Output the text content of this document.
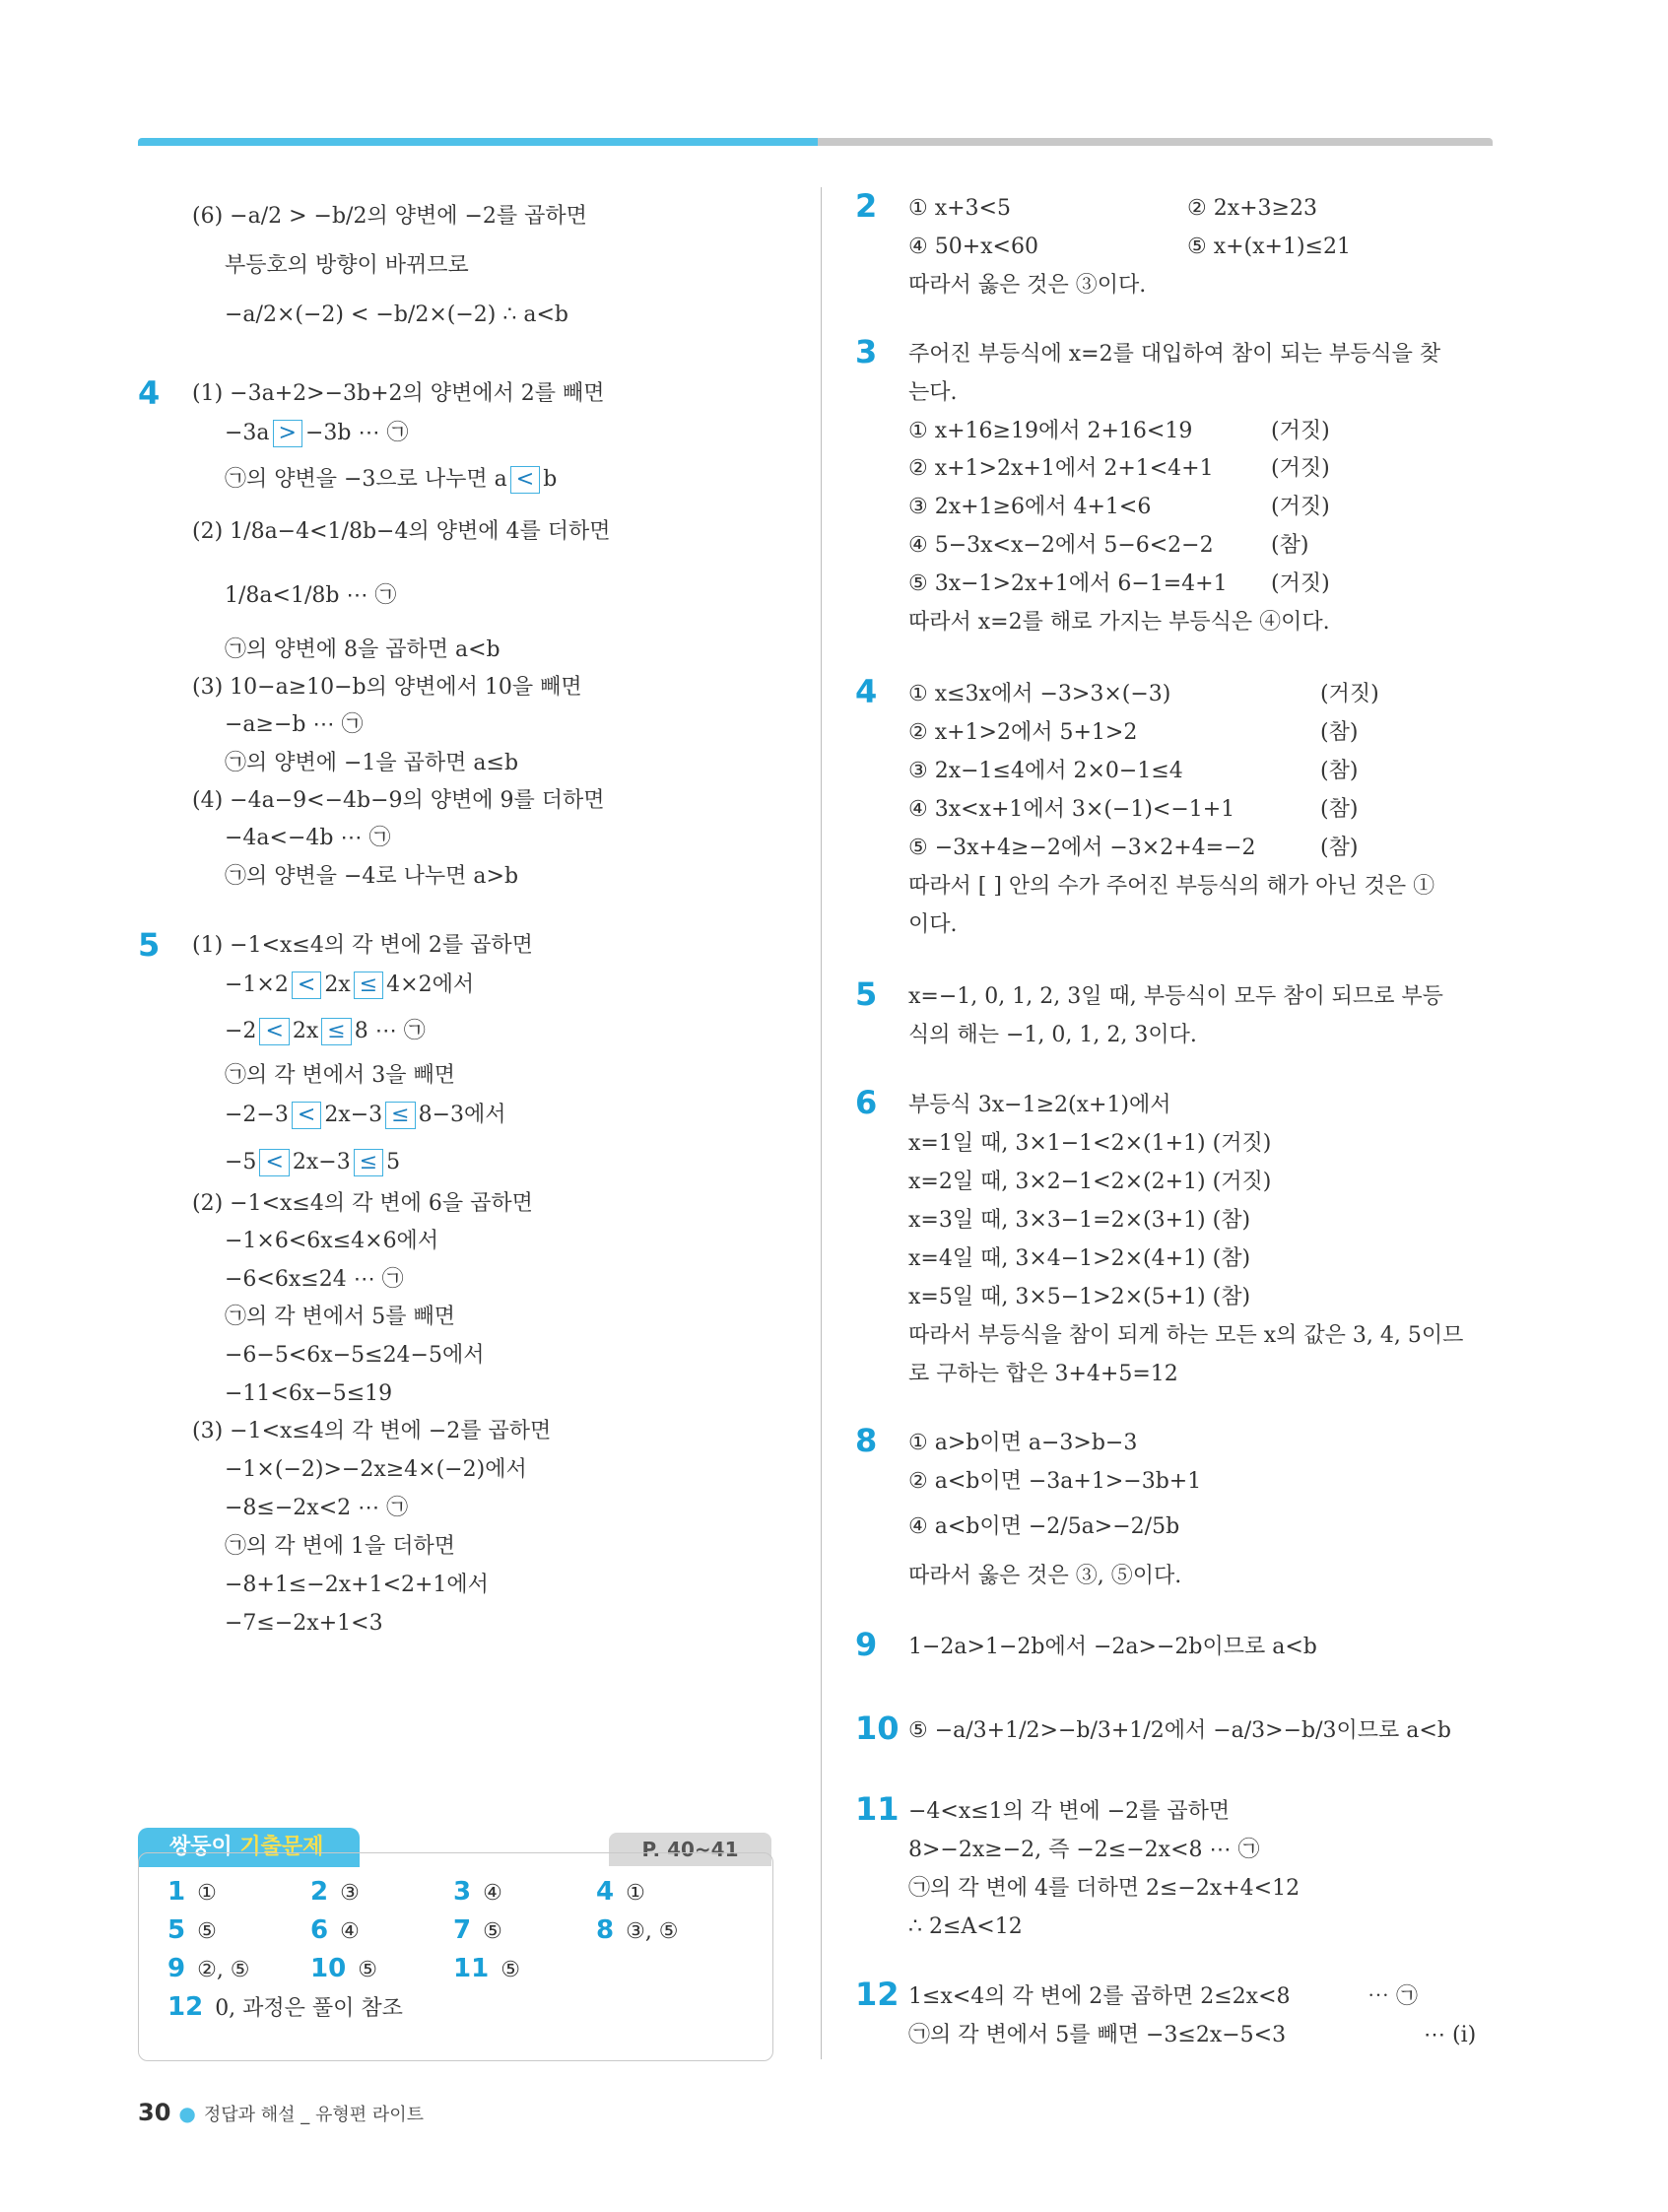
(6) −a/2 > −b/2의 양변에 −2를 곱하면
부등호의 방향이 바뀌므로
−a/2×(−2) < −b/2×(−2) ∴ a<b
4 (1) −3a+2>−3b+2의 양변에서 2를 빼면
−3a > −3b ⋯ ㉠
㉠의 양변을 −3으로 나누면 a < b
(2) 1/8a−4<1/8b−4의 양변에 4를 더하면
1/8a<1/8b ⋯ ㉠
㉠의 양변에 8을 곱하면 a<b
(3) 10−a≥10−b의 양변에서 10을 빼면
−a≥−b ⋯ ㉠
㉠의 양변에 −1을 곱하면 a≤b
(4) −4a−9<−4b−9의 양변에 9를 더하면
−4a<−4b ⋯ ㉠
㉠의 양변을 −4로 나누면 a>b
5 (1) −1<x≤4의 각 변에 2를 곱하면
−1×2 < 2x ≤ 4×2에서
−2 < 2x ≤ 8 ⋯ ㉠
㉠의 각 변에서 3을 빼면
−2−3 < 2x−3 ≤ 8−3에서
−5 < 2x−3 ≤ 5
(2) −1<x≤4의 각 변에 6을 곱하면
−1×6<6x≤4×6에서
−6<6x≤24 ⋯ ㉠
㉠의 각 변에서 5를 빼면
−6−5<6x−5≤24−5에서
−11<6x−5≤19
(3) −1<x≤4의 각 변에 −2를 곱하면
−1×(−2)>−2x≥4×(−2)에서
−8≤−2x<2 ⋯ ㉠
㉠의 각 변에 1을 더하면
−8+1≤−2x+1<2+1에서
−7≤−2x+1<3
쌍둥이 기출문제	P. 40~41
1 ①	2 ③	3 ④	4 ①
5 ⑤	6 ④	7 ⑤	8 ③, ⑤
9 ②, ⑤ 10 ⑤	11 ⑤
12 0, 과정은 풀이 참조
2 ① x+3<5	② 2x+3≥23
④ 50+x<60	⑤ x+(x+1)≤21
따라서 옳은 것은 ③이다.
3 주어진 부등식에 x=2를 대입하여 참이 되는 부등식을 찾
는다.
① x+16≥19에서 2+16<19	(거짓)
② x+1>2x+1에서 2+1<4+1	(거짓)
③ 2x+1≥6에서 4+1<6	(거짓)
④ 5−3x<x−2에서 5−6<2−2	(참)
⑤ 3x−1>2x+1에서 6−1=4+1 (거짓)
따라서 x=2를 해로 가지는 부등식은 ④이다.
4 ① x≤3x에서 −3>3×(−3)	(거짓)
② x+1>2에서 5+1>2	(참)
③ 2x−1≤4에서 2×0−1≤4	(참)
④ 3x<x+1에서 3×(−1)<−1+1	(참)
⑤ −3x+4≥−2에서 −3×2+4=−2	(참)
따라서 [ ] 안의 수가 주어진 부등식의 해가 아닌 것은 ①
이다.
5 x=−1, 0, 1, 2, 3일 때, 부등식이 모두 참이 되므로 부등
식의 해는 −1, 0, 1, 2, 3이다.
6 부등식 3x−1≥2(x+1)에서
x=1일 때, 3×1−1<2×(1+1) (거짓)
x=2일 때, 3×2−1<2×(2+1) (거짓)
x=3일 때, 3×3−1=2×(3+1) (참)
x=4일 때, 3×4−1>2×(4+1) (참)
x=5일 때, 3×5−1>2×(5+1) (참)
따라서 부등식을 참이 되게 하는 모든 x의 값은 3, 4, 5이므
로 구하는 합은 3+4+5=12
8 ① a>b이면 a−3>b−3
② a<b이면 −3a+1>−3b+1
④ a<b이면 −2/5a>−2/5b
따라서 옳은 것은 ③, ⑤이다.
9 1−2a>1−2b에서 −2a>−2b이므로 a<b
10 ⑤ −a/3+1/2>−b/3+1/2에서 −a/3>−b/3이므로 a<b
11 −4<x≤1의 각 변에 −2를 곱하면
8>−2x≥−2, 즉 −2≤−2x<8 ⋯ ㉠
㉠의 각 변에 4를 더하면 2≤−2x+4<12
∴ 2≤A<12
12 1≤x<4의 각 변에 2를 곱하면 2≤2x<8	⋯ ㉠
㉠의 각 변에서 5를 빼면 −3≤2x−5<3	⋯ (i)
30 ● 정답과 해설 _ 유형편 라이트
